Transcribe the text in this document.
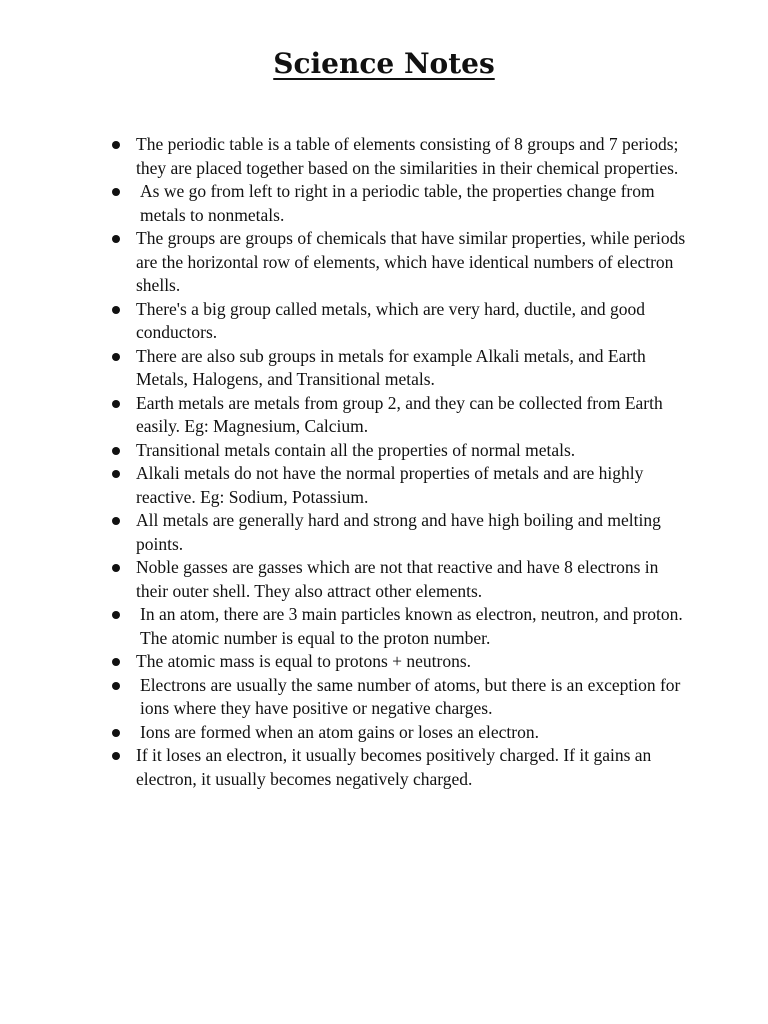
Science Notes
The periodic table is a table of elements consisting of 8 groups and 7 periods; they are placed together based on the similarities in their chemical properties.
As we go from left to right in a periodic table, the properties change from metals to nonmetals.
The groups are groups of chemicals that have similar properties, while periods are the horizontal row of elements, which have identical numbers of electron shells.
There's a big group called metals, which are very hard, ductile, and good conductors.
There are also sub groups in metals for example Alkali metals, and Earth Metals, Halogens, and Transitional metals.
Earth metals are metals from group 2, and they can be collected from Earth easily. Eg: Magnesium, Calcium.
Transitional metals contain all the properties of normal metals.
Alkali metals do not have the normal properties of metals and are highly reactive. Eg: Sodium, Potassium.
All metals are generally hard and strong and have high boiling and melting points.
Noble gasses are gasses which are not that reactive and have 8 electrons in their outer shell. They also attract other elements.
In an atom, there are 3 main particles known as electron, neutron, and proton. The atomic number is equal to the proton number.
The atomic mass is equal to protons + neutrons.
Electrons are usually the same number of atoms, but there is an exception for ions where they have positive or negative charges.
Ions are formed when an atom gains or loses an electron.
If it loses an electron, it usually becomes positively charged. If it gains an electron, it usually becomes negatively charged.
